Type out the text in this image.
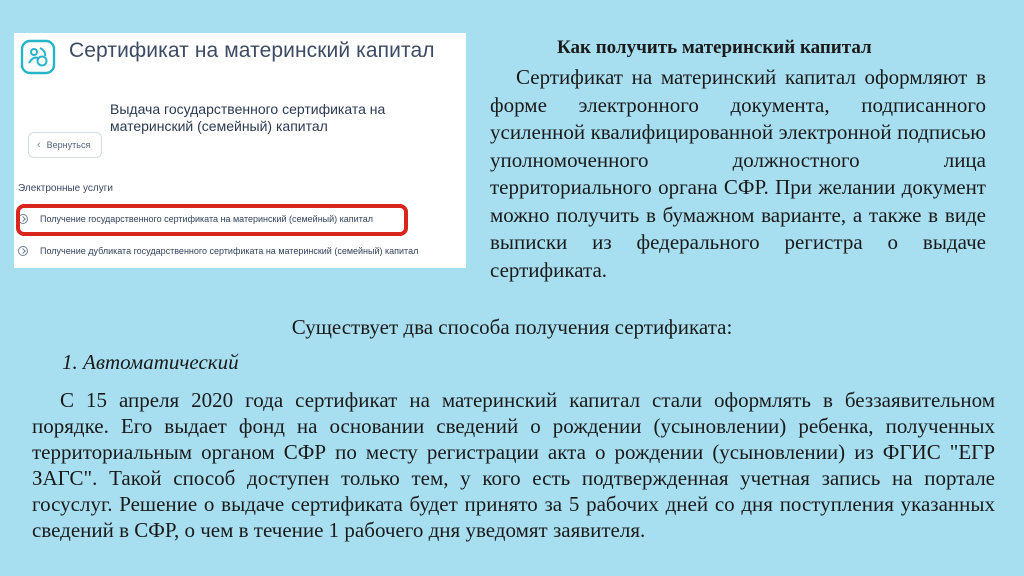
Сертификат на материнский капитал
‹ Вернуться
Выдача государственного сертификата на материнский (семейный) капитал
Электронные услуги
Получение государственного сертификата на материнский (семейный) капитал
Получение дубликата государственного сертификата на материнский (семейный) капитал
Как получить материнский капитал

Сертификат на материнский капитал оформляют в форме электронного документа, подписанного усиленной квалифицированной электронной подписью уполномоченного должностного лица территориального органа СФР. При желании документ можно получить в бумажном варианте, а также в виде выписки из федерального регистра о выдаче сертификата.

Существует два способа получения сертификата:
1. Автоматический

С 15 апреля 2020 года сертификат на материнский капитал стали оформлять в беззаявительном порядке. Его выдает фонд на основании сведений о рождении (усыновлении) ребенка, полученных территориальным органом СФР по месту регистрации акта о рождении (усыновлении) из ФГИС "ЕГР ЗАГС". Такой способ доступен только тем, у кого есть подтвержденная учетная запись на портале госуслуг. Решение о выдаче сертификата будет принято за 5 рабочих дней со дня поступления указанных сведений в СФР, о чем в течение 1 рабочего дня уведомят заявителя.
